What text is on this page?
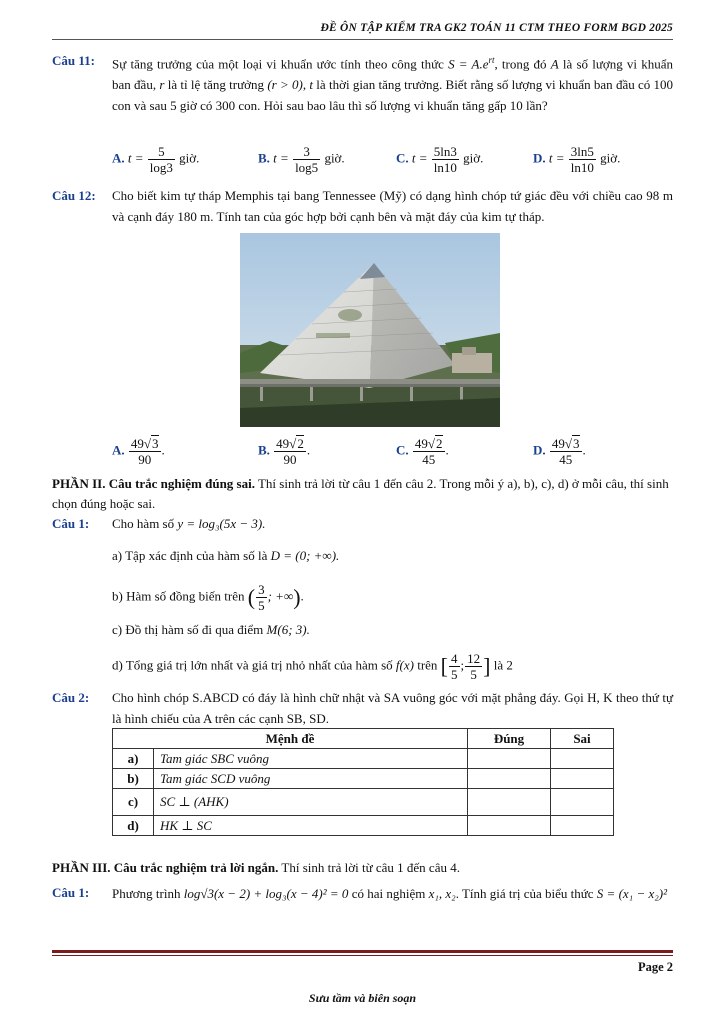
ĐỀ ÔN TẬP KIỂM TRA GK2 TOÁN 11 CTM THEO FORM BGD 2025
Câu 11:	Sự tăng trưởng của một loại vi khuẩn ước tính theo công thức $S = A.e^{rt}$, trong đó A là số lượng vi khuẩn ban đầu, r là tỉ lệ tăng trưởng (r > 0), t là thời gian tăng trưởng. Biết rằng số lượng vi khuẩn ban đầu có 100 con và sau 5 giờ có 300 con. Hỏi sau bao lâu thì số lượng vi khuẩn tăng gấp 10 lần?
A. $t = \frac{5}{\log 3}$ giờ.	B. $t = \frac{3}{\log 5}$ giờ.	C. $t = \frac{5\ln 3}{\ln 10}$ giờ.	D. $t = \frac{3\ln 5}{\ln 10}$ giờ.
Câu 12:	Cho biết kim tự tháp Memphis tại bang Tennessee (Mỹ) có dạng hình chóp tứ giác đều với chiều cao 98 m và cạnh đáy 180 m. Tính tan của góc hợp bởi cạnh bên và mặt đáy của kim tự tháp.
A. $\frac{49√3}{90}$ .	B. $\frac{49√2}{90}$ .	C. $\frac{49√2}{45}$ .	D. $\frac{49√3}{45}$ .
PHẦN II. Câu trắc nghiệm đúng sai. Thí sinh trả lời từ câu 1 đến câu 2. Trong mỗi ý a), b), c), d) ở mỗi câu, thí sinh chọn đúng hoặc sai.
Câu 1:	Cho hàm số y = log₃(5x − 3).
a) Tập xác định của hàm số là D = (0; +∞).
b) Hàm số đồng biến trên ( $\frac{3}{5}$ ; +∞).
c) Đồ thị hàm số đi qua điểm M(6; 3).
d) Tổng giá trị lớn nhất và giá trị nhỏ nhất của hàm số f(x) trên [ $\frac{4}{5}$ ; $\frac{12}{5}$ ] là 2
Câu 2:	Cho hình chóp S.ABCD có đáy là hình chữ nhật và SA vuông góc với mặt phẳng đáy. Gọi H, K theo thứ tự là hình chiếu của A trên các cạnh SB, SD.
Mệnh đề		Đúng	Sai
a)	Tam giác SBC vuông		
b)	Tam giác SCD vuông		
c)	SC ⊥ (AHK)		
d)	HK ⊥ SC		
PHẦN III. Câu trắc nghiệm trả lời ngắn. Thí sinh trả lời từ câu 1 đến câu 4.
Câu 1:	Phương trình log√3(x − 2) + log₃(x − 4)² = 0 có hai nghiệm x₁, x₂. Tính giá trị của biểu thức S = (x₁ − x₂)²
Page 2
Sưu tầm và biên soạn
